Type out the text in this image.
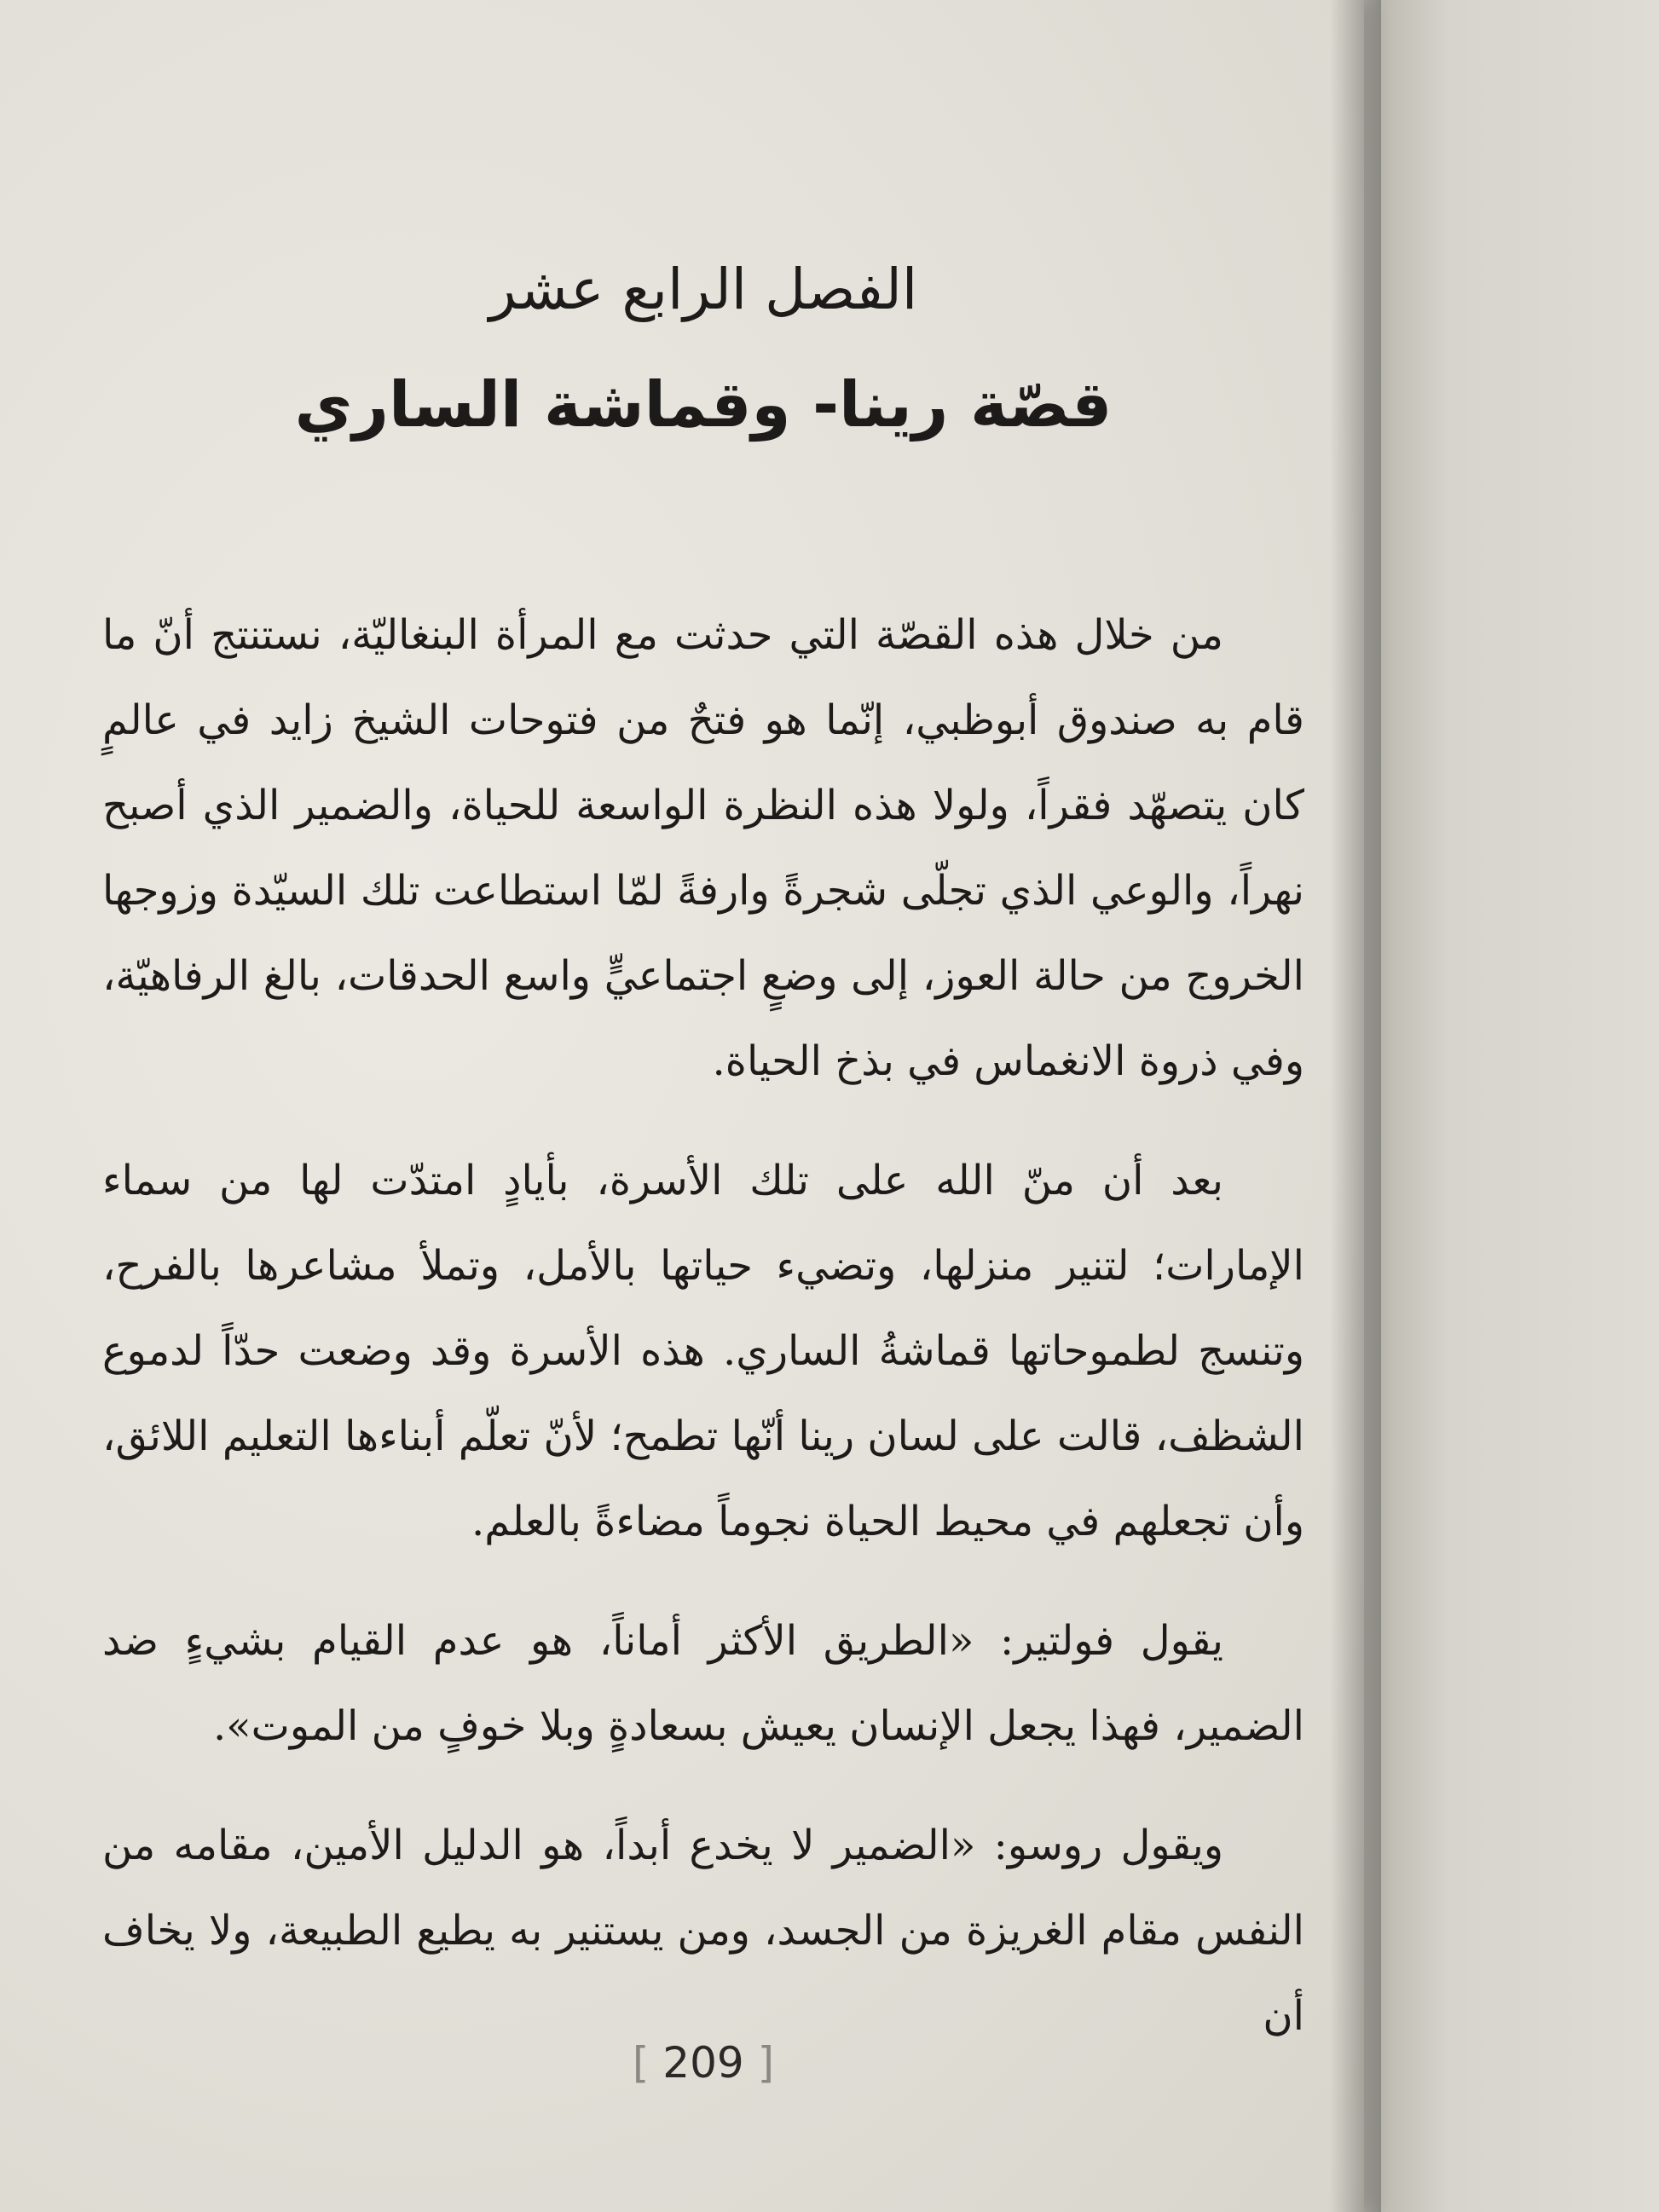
الفصل الرابع عشر
قصّة رينا- وقماشة الساري

من خلال هذه القصّة التي حدثت مع المرأة البنغاليّة، نستنتج أنّ ما قام به صندوق أبوظبي، إنّما هو فتحٌ من فتوحات الشيخ زايد في عالمٍ كان يتصهّد فقراً، ولولا هذه النظرة الواسعة للحياة، والضمير الذي أصبح نهراً، والوعي الذي تجلّى شجرةً وارفةً لمّا استطاعت تلك السيّدة وزوجها الخروج من حالة العوز، إلى وضعٍ اجتماعيٍّ واسع الحدقات، بالغ الرفاهيّة، وفي ذروة الانغماس في بذخ الحياة.

بعد أن منّ الله على تلك الأسرة، بأيادٍ امتدّت لها من سماء الإمارات؛ لتنير منزلها، وتضيء حياتها بالأمل، وتملأ مشاعرها بالفرح، وتنسج لطموحاتها قماشةُ الساري. هذه الأسرة وقد وضعت حدّاً لدموع الشظف، قالت على لسان رينا أنّها تطمح؛ لأنّ تعلّم أبناءها التعليم اللائق، وأن تجعلهم في محيط الحياة نجوماً مضاءةً بالعلم.

يقول فولتير: «الطريق الأكثر أماناً، هو عدم القيام بشيءٍ ضد الضمير، فهذا يجعل الإنسان يعيش بسعادةٍ وبلا خوفٍ من الموت».

ويقول روسو: «الضمير لا يخدع أبداً، هو الدليل الأمين، مقامه من النفس مقام الغريزة من الجسد، ومن يستنير به يطيع الطبيعة، ولا يخاف أن

[ 209 ]
